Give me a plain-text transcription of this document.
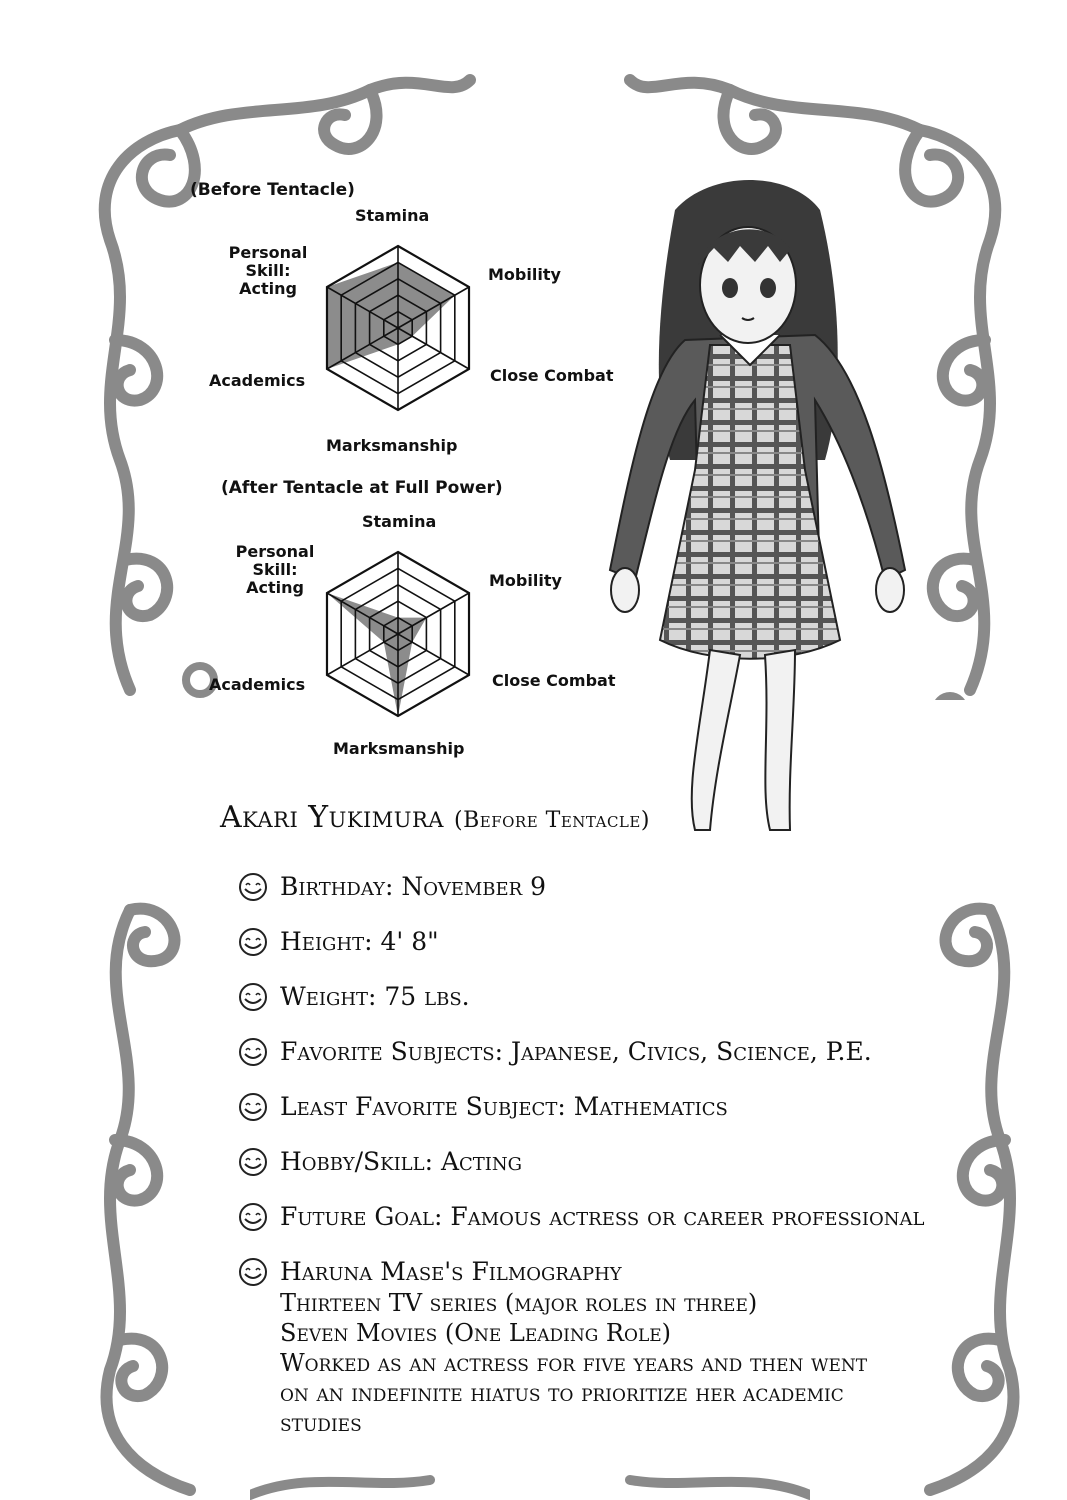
(Before Tentacle)
Stamina
Mobility
Close Combat
Marksmanship
Academics
Personal
Skill:
Acting
(After Tentacle at Full Power)
Stamina
Mobility
Close Combat
Marksmanship
Academics
Personal
Skill:
Acting
Akari Yukimura (Before Tentacle)
Birthday: November 9
Height: 4' 8"
Weight: 75 lbs.
Favorite Subjects: Japanese, Civics, Science, P.E.
Least Favorite Subject: Mathematics
Hobby/Skill: Acting
Future Goal: Famous actress or career professional
Haruna Mase's Filmography
Thirteen TV series (major roles in three)
Seven Movies (One Leading Role)
Worked as an actress for five years and then went
on an indefinite hiatus to prioritize her academic
studies
